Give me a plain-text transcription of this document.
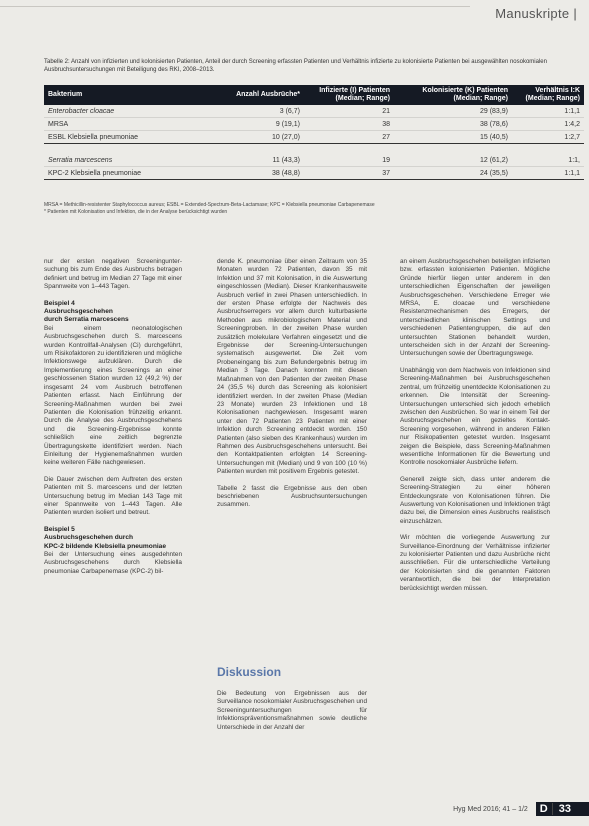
Manuskripte |
Tabelle 2: Anzahl von infizierten und kolonisierten Patienten, Anteil der durch Screening erfassten Patienten und Verhältnis infizierte zu kolonisierte Patienten bei ausgewählten nosokomialen Ausbruchsuntersuchungen mit Beteiligung des RKI, 2008–2013.
Bakterium	Anzahl Ausbrüche*	Infizierte (I) Patienten (Median; Range)	Kolonisierte (K) Patienten (Median; Range)	Verhältnis I:K (Median; Range)
Enterobacter cloacae	3 (6,7)	21	29 (83,9)	1:1,1
MRSA	9 (19,1)	38	38 (78,6)	1:4,2
ESBL Klebsiella pneumoniae	10 (27,0)	27	15 (40,5)	1:2,7

Serratia marcescens	11 (43,3)	19	12 (61,2)	1:1,
KPC-2 Klebsiella pneumoniae	38 (48,8)	37	24 (35,5)	1:1,1
MRSA = Methicillin-resistenter Staphylococcus aureus; ESBL = Extended-Spectrum-Beta-Lactamase; KPC = Klebsiella pneumoniae Carbapenemase
* Patienten mit Kolonisation und Infektion, die in der Analyse berücksichtigt wurden

nur der ersten negativen Screeninguntersuchung bis zum Ende des Ausbruchs betragen definiert und betrug im Median 27 Tage mit einer Spannweite von 1–443 Tagen.

Beispiel 4
Ausbruchsgeschehen
durch Serratia marcescens

Bei einem neonatologischen Ausbruchsgeschehen durch S. marcescens wurden Kontrollfall-Analysen (Ci) durchgeführt, um Risikofaktoren zu identifizieren und mögliche Infektionswege aufzuklären. Durch die Implementierung eines Screenings an einer geschlossenen Station wurden 12 (49,2 %) der insgesamt 24 vom Ausbruch betroffenen Patienten erfasst. Nach Einführung der Screening-Maßnahmen wurden bei zwei Patienten die Kolonisation frühzeitig erkannt. Durch die Analyse des Ausbruchsgeschehens und die Screening-Ergebnisse konnte schließlich eine zeitlich begrenzte Übertragungskette identifiziert werden. Nach Einleitung der Hygienemaßnahmen wurden keine weiteren Fälle nachgewiesen.

Die Dauer zwischen dem Auftreten des ersten Patienten mit S. marcescens und der letzten Untersuchung betrug im Median 143 Tage mit einer Spannweite von 1–443 Tagen. Alle Patienten wurden isoliert und betreut.

Beispiel 5
Ausbruchsgeschehen durch
KPC-2 bildende Klebsiella pneumoniae

Bei der Untersuchung eines ausgedehnten Ausbruchsgeschehens durch Klebsiella pneumoniae Carbapenemase (KPC-2) bil-

dende K. pneumoniae über einen Zeitraum von 35 Monaten wurden 72 Patienten, davon 35 mit Infektion und 37 mit Kolonisation, in die Auswertung eingeschlossen (Median). Dieser Krankenhausweite Ausbruch verlief in zwei Phasen unterschiedlich. In der ersten Phase erfolgte der Nachweis des Ausbruchserregers vor allem durch kulturbasierte Methoden aus mikrobiologischem Material und Screeningproben. In der zweiten Phase wurden zusätzlich molekulare Verfahren eingesetzt und die Ergebnisse der Screening-Untersuchungen systematisch ausgewertet. Die Zeit vom Probeneingang bis zum Befundergebnis betrug im Median 3 Tage. Danach konnten mit diesen Maßnahmen von den Patienten der zweiten Phase 24 (35,5 %) durch das Screening als kolonisiert identifiziert werden. In der zweiten Phase (Median 23 Monate) wurden 23 Infektionen und 18 Kolonisationen nachgewiesen. Insgesamt waren unter den 72 Patienten 23 Patienten mit einer Infektion durch Screening entdeckt worden. 150 Patienten (also sieben des Krankenhaus) wurden im Rahmen des Ausbruchsgeschehens untersucht. Bei den Kontaktpatienten erfolgten 14 Screening-Untersuchungen mit (Median) und 9 von 100 (10 %) Patienten wurden mit positivem Ergebnis getestet.

Tabelle 2 fasst die Ergebnisse aus den oben beschriebenen Ausbruchsuntersuchungen zusammen.

Diskussion
Die Bedeutung von Ergebnissen aus der Surveillance nosokomialer Ausbruchsgeschehen und Screeninguntersuchungen für Infektionspräventionsmaßnahmen sowie deutliche Unterschiede in der Anzahl der

an einem Ausbruchsgeschehen beteiligten infizierten bzw. erfassten kolonisierten Patienten. Mögliche Gründe hierfür liegen unter anderem in den unterschiedlichen Eigenschaften der jeweiligen Ausbruchsgeschehen. Verschiedene Erreger wie MRSA, E. cloacae und verschiedene Resistenzmechanismen des Erregers, der unterschiedlichen klinischen Settings und verschiedenen Patientengruppen, die auf den untersuchten Stationen behandelt wurden, unterscheiden sich in der Anzahl der Screening-Untersuchungen sowie der Übertragungswege.

Unabhängig von dem Nachweis von Infektionen sind Screening-Maßnahmen bei Ausbruchsgeschehen zentral, um frühzeitig unentdeckte Kolonisationen zu erkennen. Die Intensität der Screening-Untersuchungen unterschied sich jedoch erheblich zwischen den Ausbrüchen. So war in einem Teil der Ausbruchsgeschehen ein gezieltes Kontakt-Screening vorgesehen, während in anderen Fällen nur Risikopatienten getestet wurden. Insgesamt zeigen die Beispiele, dass Screening-Maßnahmen wesentliche Informationen für die Bewertung und Kontrolle nosokomialer Ausbrüche liefern.

Generell zeigte sich, dass unter anderem die Screening-Strategien zu einer höheren Entdeckungsrate von Kolonisationen führen. Die Auswertung von Kolonisationen und Infektionen trägt dazu bei, die Dimension eines Ausbruchs realistisch einzuschätzen.

Wir möchten die vorliegende Auswertung zur Surveillance-Einordnung der Verhältnisse infizierter zu kolonisierter Patienten und dazu Ausbrüche nicht ausschließen. Für die unterschiedliche Verteilung der Kolonisierten sind die genannten Faktoren verantwortlich, die bei der Interpretation berücksichtigt werden müssen.

Hyg Med 2016; 41 – 1/2 D 33
